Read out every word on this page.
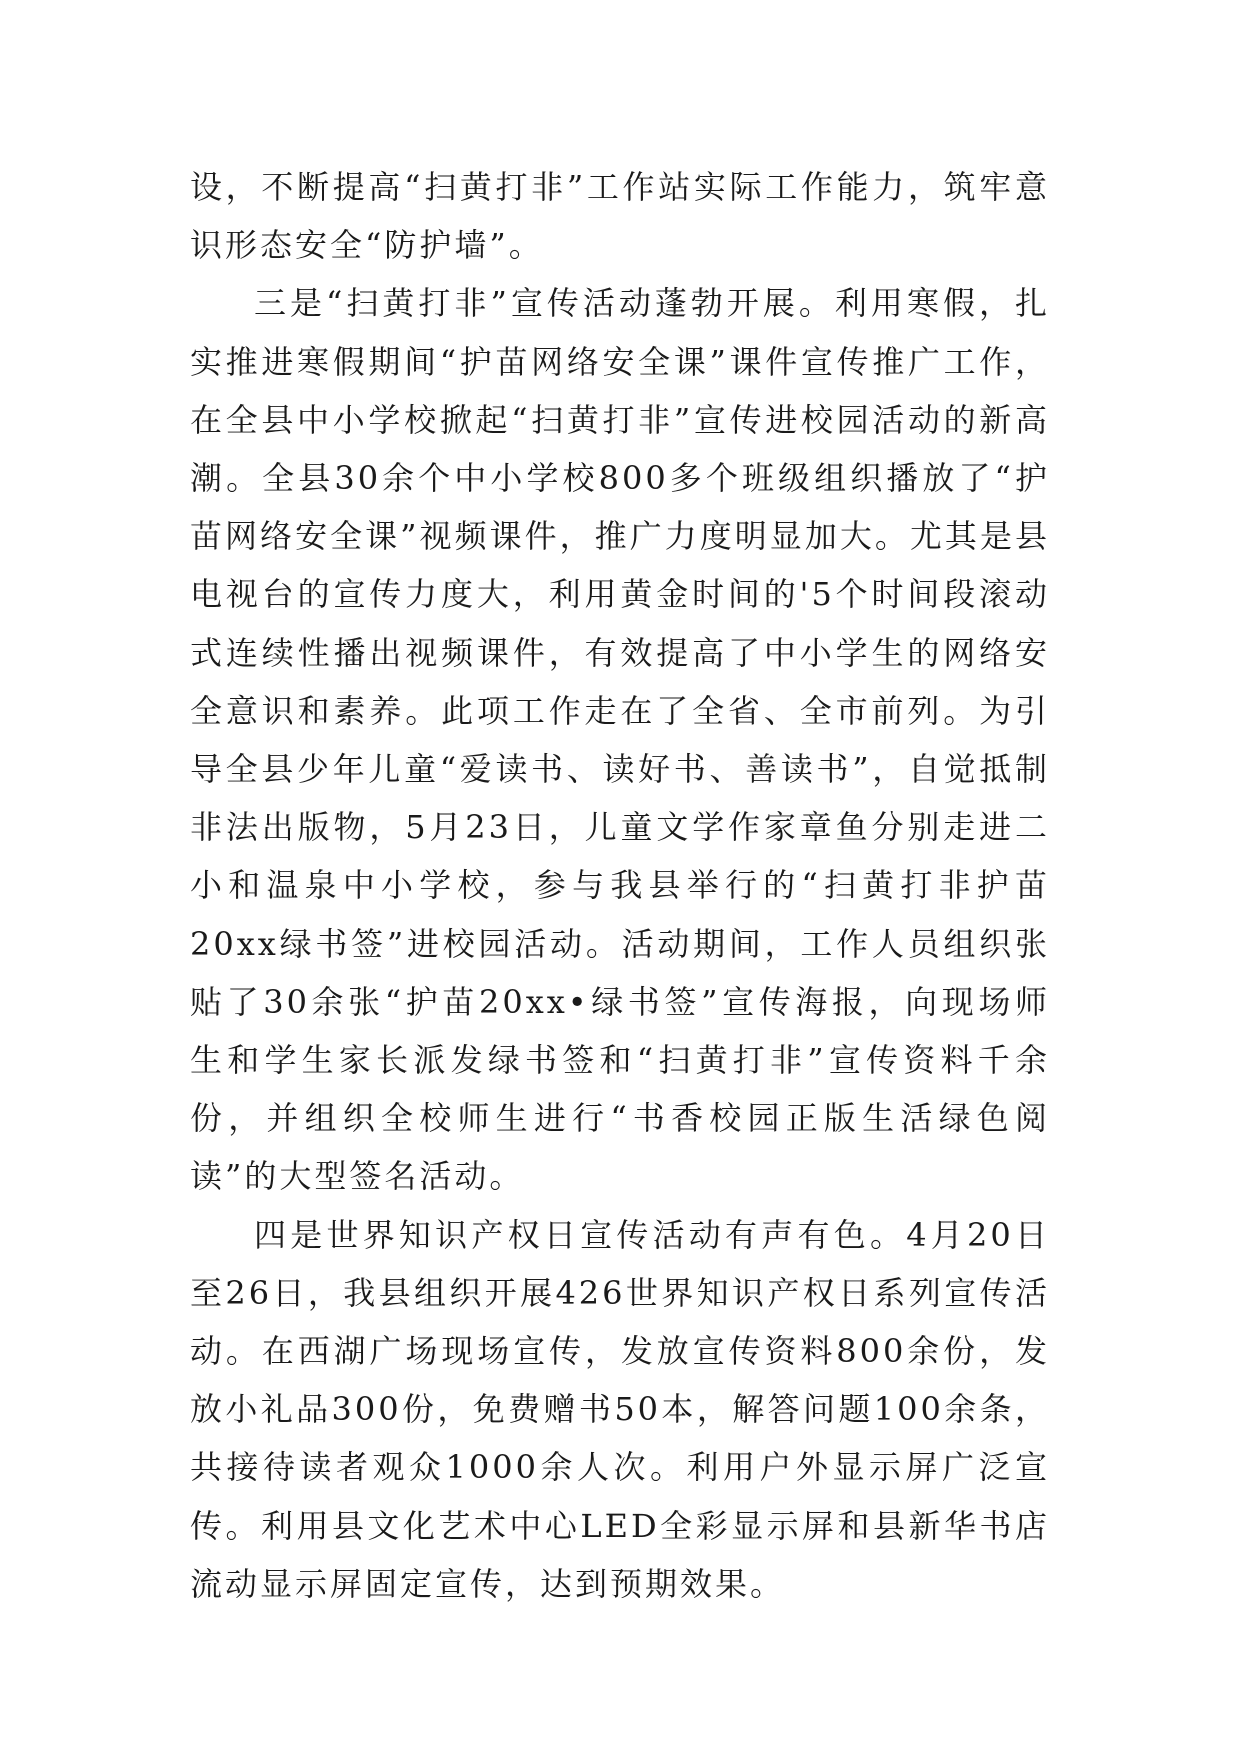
设，不断提高“扫黄打非”工作站实际工作能力，筑牢意识形态安全“防护墙”。

三是“扫黄打非”宣传活动蓬勃开展。利用寒假，扎实推进寒假期间“护苗网络安全课”课件宣传推广工作，在全县中小学校掀起“扫黄打非”宣传进校园活动的新高潮。全县30余个中小学校800多个班级组织播放了“护苗网络安全课”视频课件，推广力度明显加大。尤其是县电视台的宣传力度大，利用黄金时间的'5个时间段滚动式连续性播出视频课件，有效提高了中小学生的网络安全意识和素养。此项工作走在了全省、全市前列。为引导全县少年儿童“爱读书、读好书、善读书”，自觉抵制非法出版物，5月23日，儿童文学作家章鱼分别走进二小和温泉中小学校，参与我县举行的“扫黄打非护苗20xx绿书签”进校园活动。活动期间，工作人员组织张贴了30余张“护苗20xx•绿书签”宣传海报，向现场师生和学生家长派发绿书签和“扫黄打非”宣传资料千余份，并组织全校师生进行“书香校园正版生活绿色阅读”的大型签名活动。

四是世界知识产权日宣传活动有声有色。4月20日至26日，我县组织开展426世界知识产权日系列宣传活动。在西湖广场现场宣传，发放宣传资料800余份，发放小礼品300份，免费赠书50本，解答问题100余条，共接待读者观众1000余人次。利用户外显示屏广泛宣传。利用县文化艺术中心LED全彩显示屏和县新华书店流动显示屏固定宣传，达到预期效果。
